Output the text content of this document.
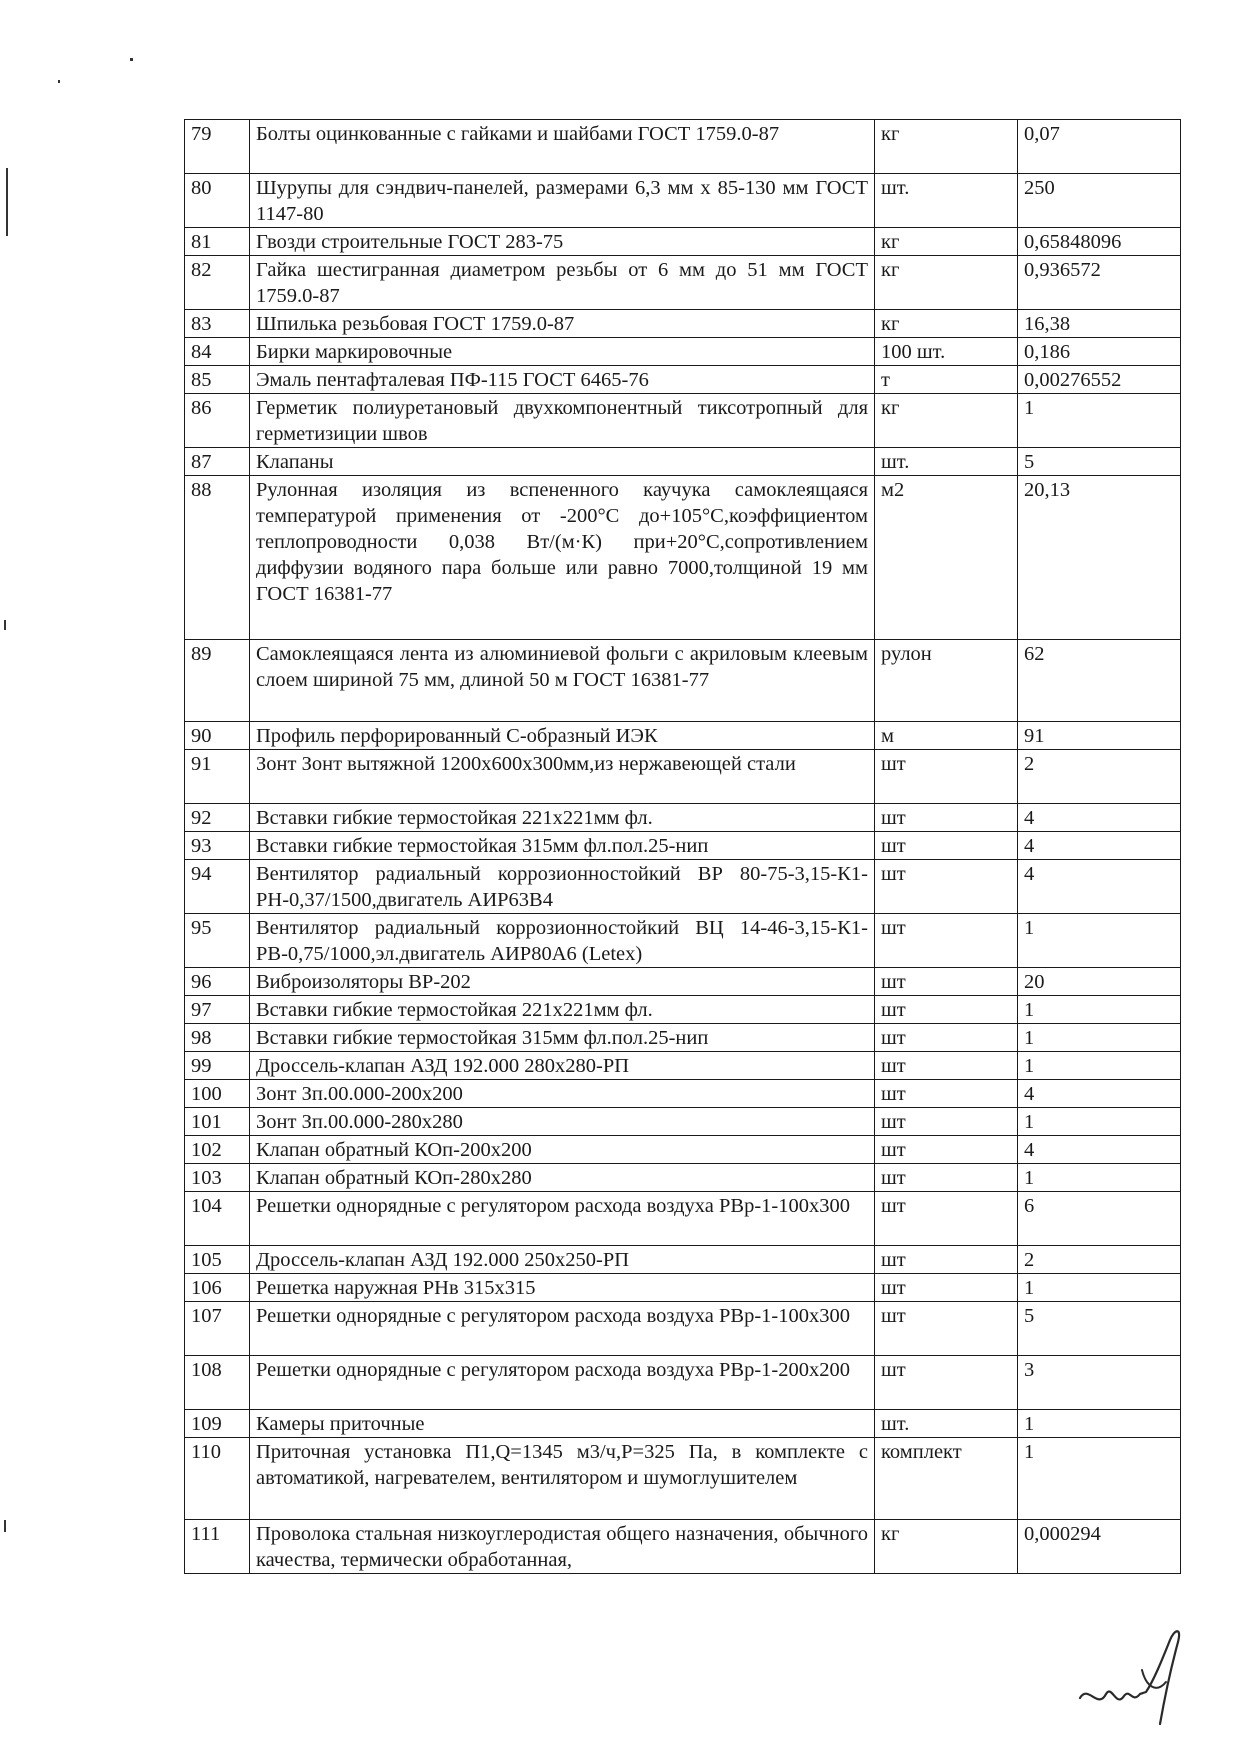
79	Болты оцинкованные с гайками и шайбами ГОСТ 1759.0-87	кг	0,07
80	Шурупы для сэндвич-панелей, размерами 6,3 мм х 85-130 мм ГОСТ 1147-80	шт.	250
81	Гвозди строительные ГОСТ 283-75	кг	0,65848096
82	Гайка шестигранная диаметром резьбы от 6 мм до 51 мм ГОСТ 1759.0-87	кг	0,936572
83	Шпилька резьбовая ГОСТ 1759.0-87	кг	16,38
84	Бирки маркировочные	100 шт.	0,186
85	Эмаль пентафталевая ПФ-115 ГОСТ 6465-76	т	0,00276552
86	Герметик полиуретановый двухкомпонентный тиксотропный для герметизиции швов	кг	1
87	Клапаны	шт.	5
88	Рулонная изоляция из вспененного каучука самоклеящаяся температурой применения от -200°С до+105°С,коэффициентом теплопроводности 0,038 Вт/(м·К) при+20°С,сопротивлением диффузии водяного пара больше или равно 7000,толщиной 19 мм ГОСТ 16381-77	м2	20,13
89	Самоклеящаяся лента из алюминиевой фольги с акриловым клеевым слоем шириной 75 мм, длиной 50 м ГОСТ 16381-77	рулон	62
90	Профиль перфорированный С-образный ИЭК	м	91
91	Зонт Зонт вытяжной 1200х600х300мм,из нержавеющей стали	шт	2
92	Вставки гибкие термостойкая 221х221мм фл.	шт	4
93	Вставки гибкие термостойкая 315мм фл.пол.25-нип	шт	4
94	Вентилятор радиальный коррозионностойкий ВР 80-75-3,15-К1-РН-0,37/1500,двигатель АИР63В4	шт	4
95	Вентилятор радиальный коррозионностойкий ВЦ 14-46-3,15-К1-РВ-0,75/1000,эл.двигатель АИР80А6 (Letex)	шт	1
96	Виброизоляторы ВР-202	шт	20
97	Вставки гибкие термостойкая 221х221мм фл.	шт	1
98	Вставки гибкие термостойкая 315мм фл.пол.25-нип	шт	1
99	Дроссель-клапан АЗД 192.000 280х280-РП	шт	1
100	Зонт Зп.00.000-200х200	шт	4
101	Зонт Зп.00.000-280х280	шт	1
102	Клапан обратный КОп-200х200	шт	4
103	Клапан обратный КОп-280х280	шт	1
104	Решетки однорядные с регулятором расхода воздуха РВр-1-100х300	шт	6
105	Дроссель-клапан АЗД 192.000 250х250-РП	шт	2
106	Решетка наружная РНв 315х315	шт	1
107	Решетки однорядные с регулятором расхода воздуха РВр-1-100х300	шт	5
108	Решетки однорядные с регулятором расхода воздуха РВр-1-200х200	шт	3
109	Камеры приточные	шт.	1
110	Приточная установка П1,Q=1345 м3/ч,Р=325 Па, в комплекте с автоматикой, нагревателем, вентилятором и шумоглушителем	комплект	1
111	Проволока стальная низкоуглеродистая общего назначения, обычного качества, термически обработанная,	кг	0,000294
